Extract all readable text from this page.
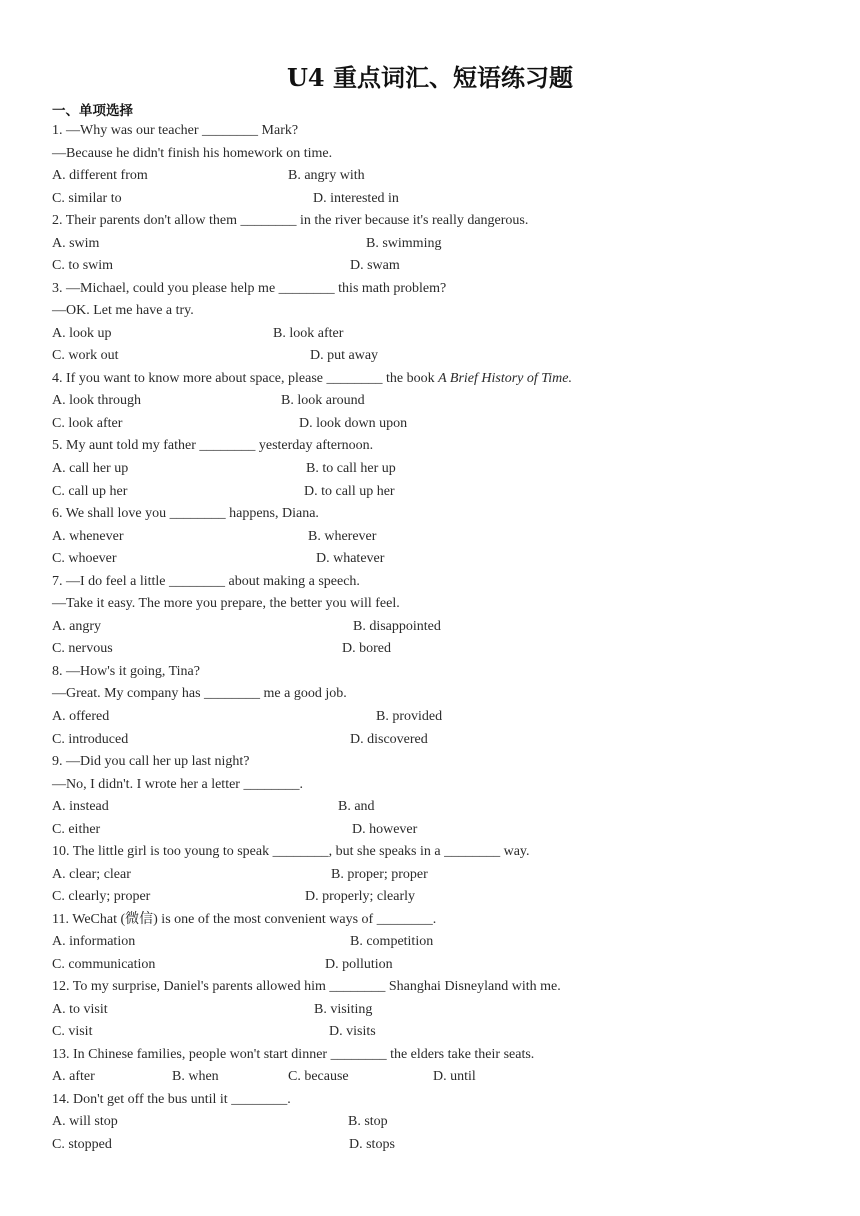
U4 重点词汇、短语练习题
一、单项选择
1. —Why was our teacher ________ Mark?
—Because he didn't finish his homework on time.
A. different from	B. angry with
C. similar to	D. interested in
2. Their parents don't allow them ________ in the river because it's really dangerous.
A. swim	B. swimming
C. to swim	D. swam
3. —Michael, could you please help me ________ this math problem?
—OK. Let me have a try.
A. look up	B. look after
C. work out	D. put away
4. If you want to know more about space, please ________ the book A Brief History of Time.
A. look through	B. look around
C. look after	D. look down upon
5. My aunt told my father ________ yesterday afternoon.
A. call her up	B. to call her up
C. call up her	D. to call up her
6. We shall love you ________ happens, Diana.
A. whenever	B. wherever
C. whoever	D. whatever
7. —I do feel a little ________ about making a speech.
—Take it easy. The more you prepare, the better you will feel.
A. angry	B. disappointed
C. nervous	D. bored
8. —How's it going, Tina?
—Great. My company has ________ me a good job.
A. offered	B. provided
C. introduced	D. discovered
9. —Did you call her up last night?
—No, I didn't. I wrote her a letter ________.
A. instead	B. and
C. either	D. however
10. The little girl is too young to speak ________, but she speaks in a ________ way.
A. clear; clear	B. proper; proper
C. clearly; proper	D. properly; clearly
11. WeChat (微信) is one of the most convenient ways of ________.
A. information	B. competition
C. communication	D. pollution
12. To my surprise, Daniel's parents allowed him ________ Shanghai Disneyland with me.
A. to visit	B. visiting
C. visit	D. visits
13. In Chinese families, people won't start dinner ________ the elders take their seats.
A. after	B. when	C. because	D. until
14. Don't get off the bus until it ________.
A. will stop	B. stop
C. stopped	D. stops
